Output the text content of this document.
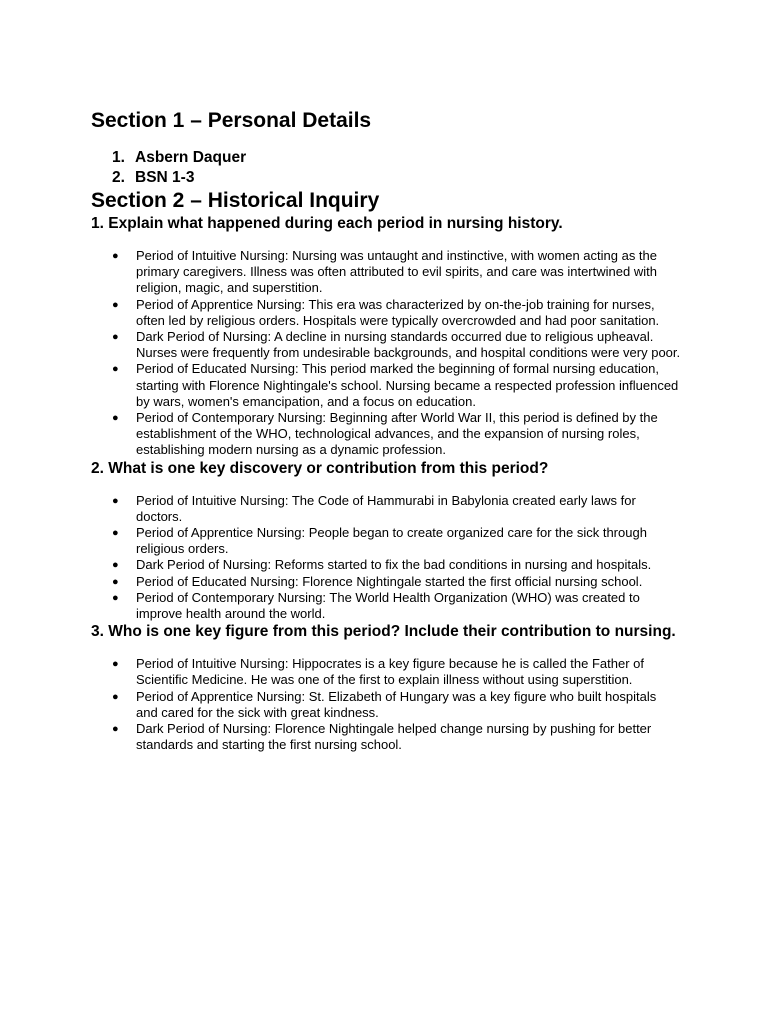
Section 1 – Personal Details
1. Asbern Daquer
2. BSN 1-3
Section 2 – Historical Inquiry
1. Explain what happened during each period in nursing history.
●	Period of Intuitive Nursing: Nursing was untaught and instinctive, with women acting as the primary caregivers. Illness was often attributed to evil spirits, and care was intertwined with religion, magic, and superstition.
●	Period of Apprentice Nursing: This era was characterized by on-the-job training for nurses, often led by religious orders. Hospitals were typically overcrowded and had poor sanitation.
●	Dark Period of Nursing: A decline in nursing standards occurred due to religious upheaval. Nurses were frequently from undesirable backgrounds, and hospital conditions were very poor.
●	Period of Educated Nursing: This period marked the beginning of formal nursing education, starting with Florence Nightingale's school. Nursing became a respected profession influenced by wars, women's emancipation, and a focus on education.
●	Period of Contemporary Nursing: Beginning after World War II, this period is defined by the establishment of the WHO, technological advances, and the expansion of nursing roles, establishing modern nursing as a dynamic profession.
2. What is one key discovery or contribution from this period?
●	Period of Intuitive Nursing: The Code of Hammurabi in Babylonia created early laws for doctors.
●	Period of Apprentice Nursing: People began to create organized care for the sick through religious orders.
●	Dark Period of Nursing: Reforms started to fix the bad conditions in nursing and hospitals.
●	Period of Educated Nursing: Florence Nightingale started the first official nursing school.
●	Period of Contemporary Nursing: The World Health Organization (WHO) was created to improve health around the world.
3. Who is one key figure from this period? Include their contribution to nursing.
●	Period of Intuitive Nursing: Hippocrates is a key figure because he is called the Father of Scientific Medicine. He was one of the first to explain illness without using superstition.
●	Period of Apprentice Nursing: St. Elizabeth of Hungary was a key figure who built hospitals and cared for the sick with great kindness.
●	Dark Period of Nursing: Florence Nightingale helped change nursing by pushing for better standards and starting the first nursing school.
